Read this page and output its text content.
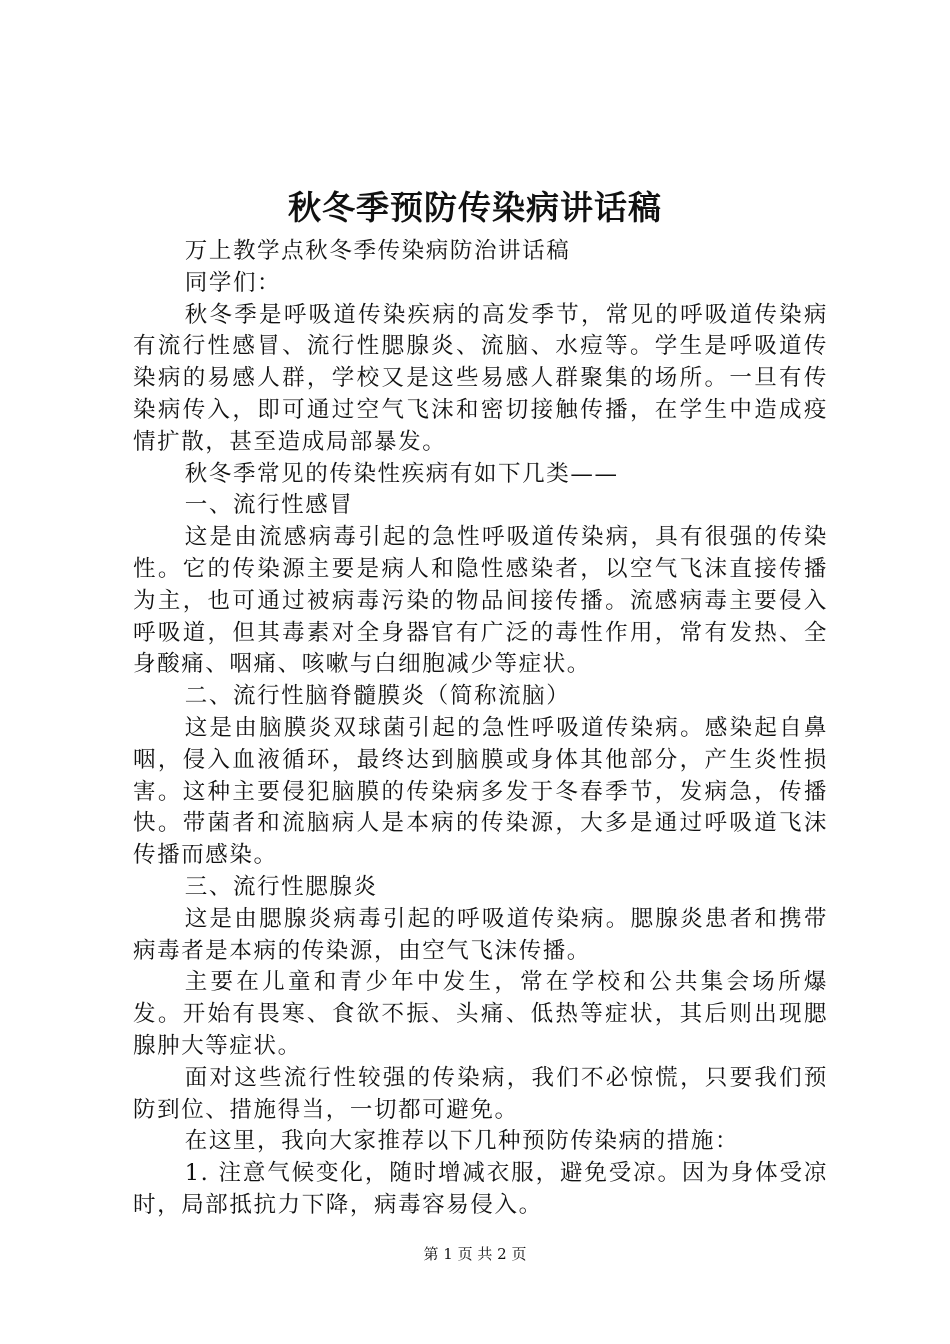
秋冬季预防传染病讲话稿

万上教学点秋冬季传染病防治讲话稿

同学们：

秋冬季是呼吸道传染疾病的高发季节，常见的呼吸道传染病有流行性感冒、流行性腮腺炎、流脑、水痘等。学生是呼吸道传染病的易感人群，学校又是这些易感人群聚集的场所。一旦有传染病传入，即可通过空气飞沫和密切接触传播，在学生中造成疫情扩散，甚至造成局部暴发。

秋冬季常见的传染性疾病有如下几类——

一、流行性感冒

这是由流感病毒引起的急性呼吸道传染病，具有很强的传染性。它的传染源主要是病人和隐性感染者，以空气飞沫直接传播为主，也可通过被病毒污染的物品间接传播。流感病毒主要侵入呼吸道，但其毒素对全身器官有广泛的毒性作用，常有发热、全身酸痛、咽痛、咳嗽与白细胞减少等症状。

二、流行性脑脊髓膜炎（简称流脑）

这是由脑膜炎双球菌引起的急性呼吸道传染病。感染起自鼻咽，侵入血液循环，最终达到脑膜或身体其他部分，产生炎性损害。这种主要侵犯脑膜的传染病多发于冬春季节，发病急，传播快。带菌者和流脑病人是本病的传染源，大多是通过呼吸道飞沫传播而感染。

三、流行性腮腺炎

这是由腮腺炎病毒引起的呼吸道传染病。腮腺炎患者和携带病毒者是本病的传染源，由空气飞沫传播。

主要在儿童和青少年中发生，常在学校和公共集会场所爆发。开始有畏寒、食欲不振、头痛、低热等症状，其后则出现腮腺肿大等症状。

面对这些流行性较强的传染病，我们不必惊慌，只要我们预防到位、措施得当，一切都可避免。

在这里，我向大家推荐以下几种预防传染病的措施：

1. 注意气候变化，随时增减衣服，避免受凉。因为身体受凉时，局部抵抗力下降，病毒容易侵入。

第 1 页 共 2 页
